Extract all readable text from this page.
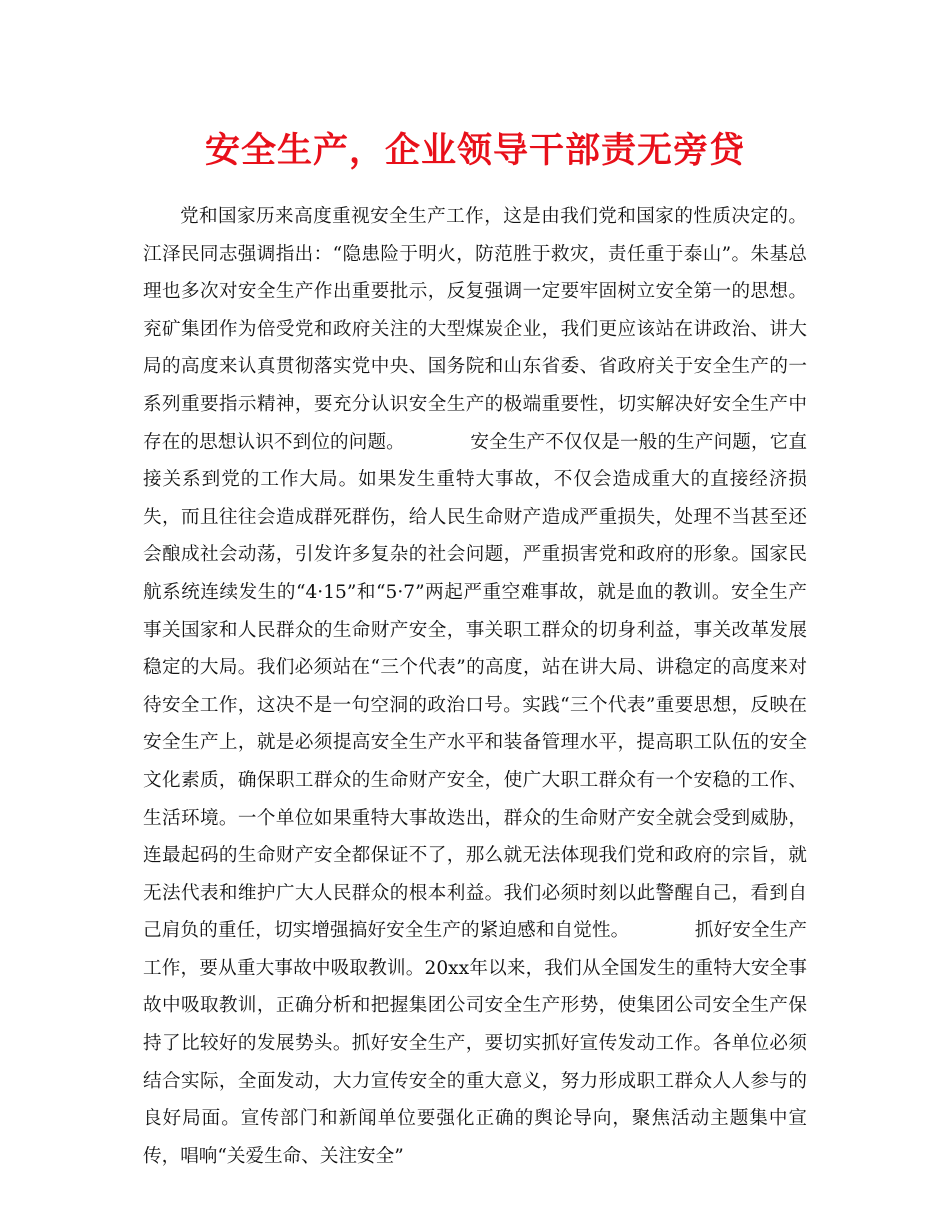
安全生产，企业领导干部责无旁贷

党和国家历来高度重视安全生产工作，这是由我们党和国家的性质决定的。江泽民同志强调指出：“隐患险于明火，防范胜于救灾，责任重于泰山”。朱基总理也多次对安全生产作出重要批示，反复强调一定要牢固树立安全第一的思想。兖矿集团作为倍受党和政府关注的大型煤炭企业，我们更应该站在讲政治、讲大局的高度来认真贯彻落实党中央、国务院和山东省委、省政府关于安全生产的一系列重要指示精神，要充分认识安全生产的极端重要性，切实解决好安全生产中存在的思想认识不到位的问题。　　　　安全生产不仅仅是一般的生产问题，它直接关系到党的工作大局。如果发生重特大事故，不仅会造成重大的直接经济损失，而且往往会造成群死群伤，给人民生命财产造成严重损失，处理不当甚至还会酿成社会动荡，引发许多复杂的社会问题，严重损害党和政府的形象。国家民航系统连续发生的“4·15”和“5·7”两起严重空难事故，就是血的教训。安全生产事关国家和人民群众的生命财产安全，事关职工群众的切身利益，事关改革发展稳定的大局。我们必须站在“三个代表”的高度，站在讲大局、讲稳定的高度来对待安全工作，这决不是一句空洞的政治口号。实践“三个代表”重要思想，反映在安全生产上，就是必须提高安全生产水平和装备管理水平，提高职工队伍的安全文化素质，确保职工群众的生命财产安全，使广大职工群众有一个安稳的工作、生活环境。一个单位如果重特大事故迭出，群众的生命财产安全就会受到威胁，连最起码的生命财产安全都保证不了，那么就无法体现我们党和政府的宗旨，就无法代表和维护广大人民群众的根本利益。我们必须时刻以此警醒自己，看到自己肩负的重任，切实增强搞好安全生产的紧迫感和自觉性。　　　　抓好安全生产工作，要从重大事故中吸取教训。20xx年以来，我们从全国发生的重特大安全事故中吸取教训，正确分析和把握集团公司安全生产形势，使集团公司安全生产保持了比较好的发展势头。抓好安全生产，要切实抓好宣传发动工作。各单位必须结合实际，全面发动，大力宣传安全的重大意义，努力形成职工群众人人参与的良好局面。宣传部门和新闻单位要强化正确的舆论导向，聚焦活动主题集中宣传，唱响“关爱生命、关注安全”
